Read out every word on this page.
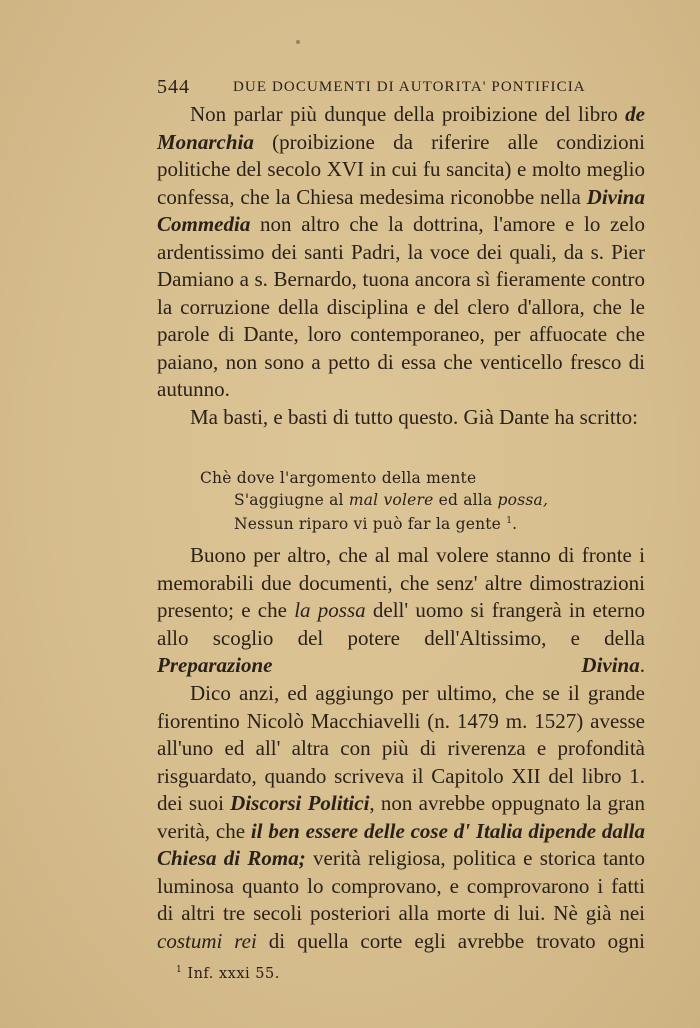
544	DUE DOCUMENTI DI AUTORITA' PONTIFICIA

Non parlar più dunque della proibizione del libro de Monarchia (proibizione da riferire alle condizioni politiche del secolo XVI in cui fu sancita) e molto meglio confessa, che la Chiesa medesima riconobbe nella Divina Commedia non altro che la dottrina, l'amore e lo zelo ardentissimo dei santi Padri, la voce dei quali, da s. Pier Damiano a s. Bernardo, tuona ancora sì fieramente contro la corruzione della disciplina e del clero d'allora, che le parole di Dante, loro contemporaneo, per affuocate che paiano, non sono a petto di essa che venticello fresco di autunno.

Ma basti, e basti di tutto questo. Già Dante ha scritto:

Chè dove l'argomento della mente
S'aggiugne al mal volere ed alla possa,
Nessun riparo vi può far la gente $^1$.

Buono per altro, che al mal volere stanno di fronte i memorabili due documenti, che senz' altre dimostrazioni presento; e che la possa dell' uomo si frangerà in eterno allo scoglio del potere dell'Altissimo, e della Preparazione Divina.

Dico anzi, ed aggiungo per ultimo, che se il grande fiorentino Nicolò Macchiavelli (n. 1479 m. 1527) avesse all'uno ed all' altra con più di riverenza e profondità risguardato, quando scriveva il Capitolo XII del libro 1. dei suoi Discorsi Politici, non avrebbe oppugnato la gran verità, che il ben essere delle cose d' Italia dipende dalla Chiesa di Roma; verità religiosa, politica e storica tanto luminosa quanto lo comprovano, e comprovarono i fatti di altri tre secoli posteriori alla morte di lui. Nè già nei costumi rei di quella corte egli avrebbe trovato ogni

$^1$ Inf. xxxi 55.
